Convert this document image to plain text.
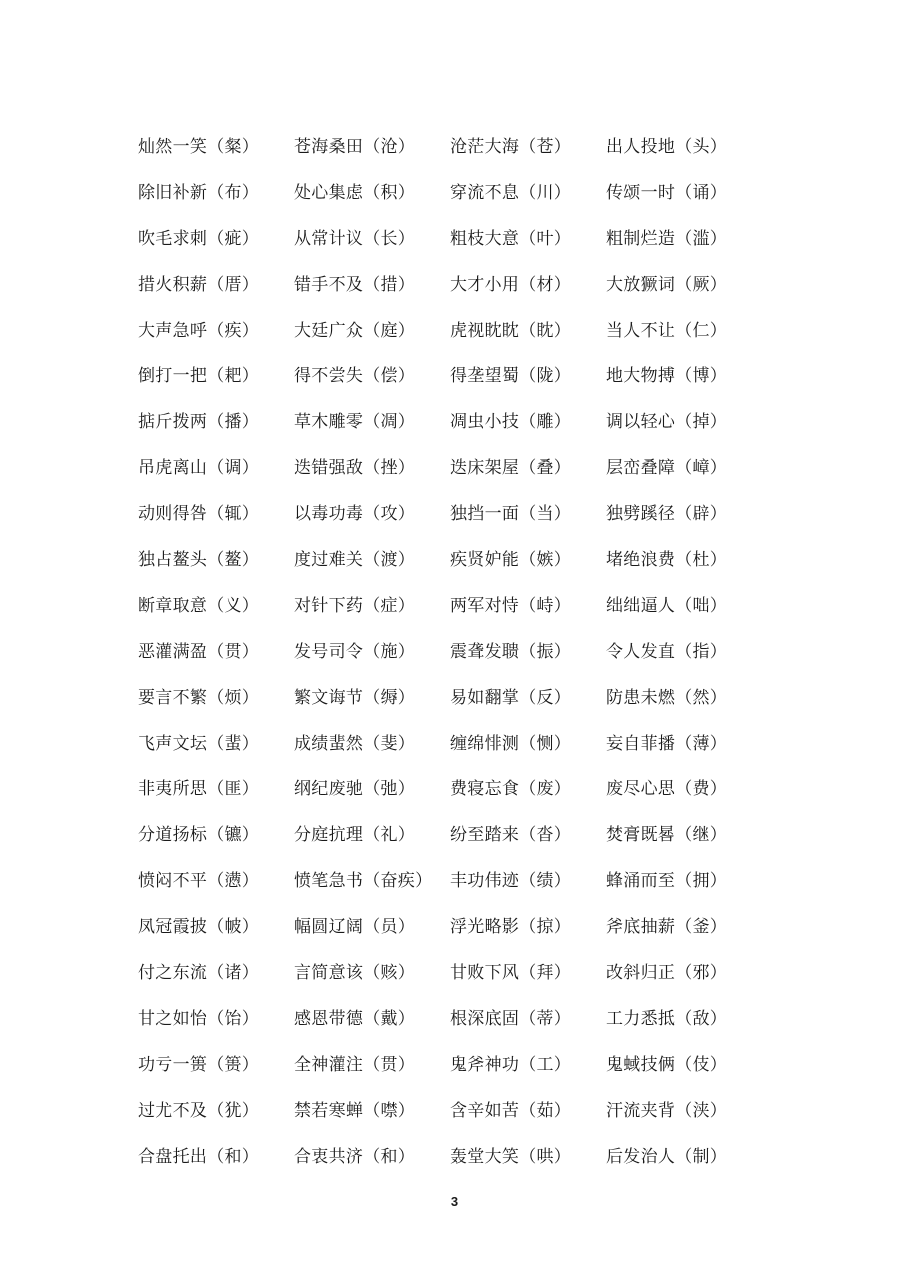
灿然一笑（粲）	苍海桑田（沧）	沧茫大海（苍）	出人投地（头）
除旧补新（布）	处心集虑（积）	穿流不息（川）	传颂一时（诵）
吹毛求刺（疵）	从常计议（长）	粗枝大意（叶）	粗制烂造（滥）
措火积薪（厝）	错手不及（措）	大才小用（材）	大放獗词（厥）
大声急呼（疾）	大廷广众（庭）	虎视眈眈（眈）	当人不让（仁）
倒打一把（耙）	得不尝失（偿）	得垄望蜀（陇）	地大物搏（博）
掂斤拨两（播）	草木雕零（凋）	凋虫小技（雕）	调以轻心（掉）
吊虎离山（调）	迭错强敌（挫）	迭床架屋（叠）	层峦叠障（嶂）
动则得咎（辄）	以毒功毒（攻）	独挡一面（当）	独劈蹊径（辟）
独占鳌头（鳌）	度过难关（渡）	疾贤妒能（嫉）	堵绝浪费（杜）
断章取意（义）	对针下药（症）	两军对恃（峙）	绌绌逼人（咄）
恶灌满盈（贯）	发号司令（施）	震聋发聩（振）	令人发直（指）
要言不繁（烦）	繁文诲节（缛）	易如翻掌（反）	防患未燃（然）
飞声文坛（蜚）	成绩蜚然（斐）	缠绵悱测（恻）	妄自菲播（薄）
非夷所思（匪）	纲纪废驰（弛）	费寝忘食（废）	废尽心思（费）
分道扬标（镳）	分庭抗理（礼）	纷至踏来（沓）	焚膏既晷（继）
愤闷不平（懑）	愤笔急书（奋疾）	丰功伟迹（绩）	蜂涌而至（拥）
凤冠霞披（帔）	幅圆辽阔（员）	浮光略影（掠）	斧底抽薪（釜）
付之东流（诸）	言简意该（赅）	甘败下风（拜）	改斜归正（邪）
甘之如怡（饴）	感恩带德（戴）	根深底固（蒂）	工力悉抵（敌）
功亏一篑（篑）	全神灌注（贯）	鬼斧神功（工）	鬼蜮技俩（伎）
过尤不及（犹）	禁若寒蝉（噤）	含辛如苦（茹）	汗流夹背（浃）
合盘托出（和）	合衷共济（和）	轰堂大笑（哄）	后发治人（制）
3
